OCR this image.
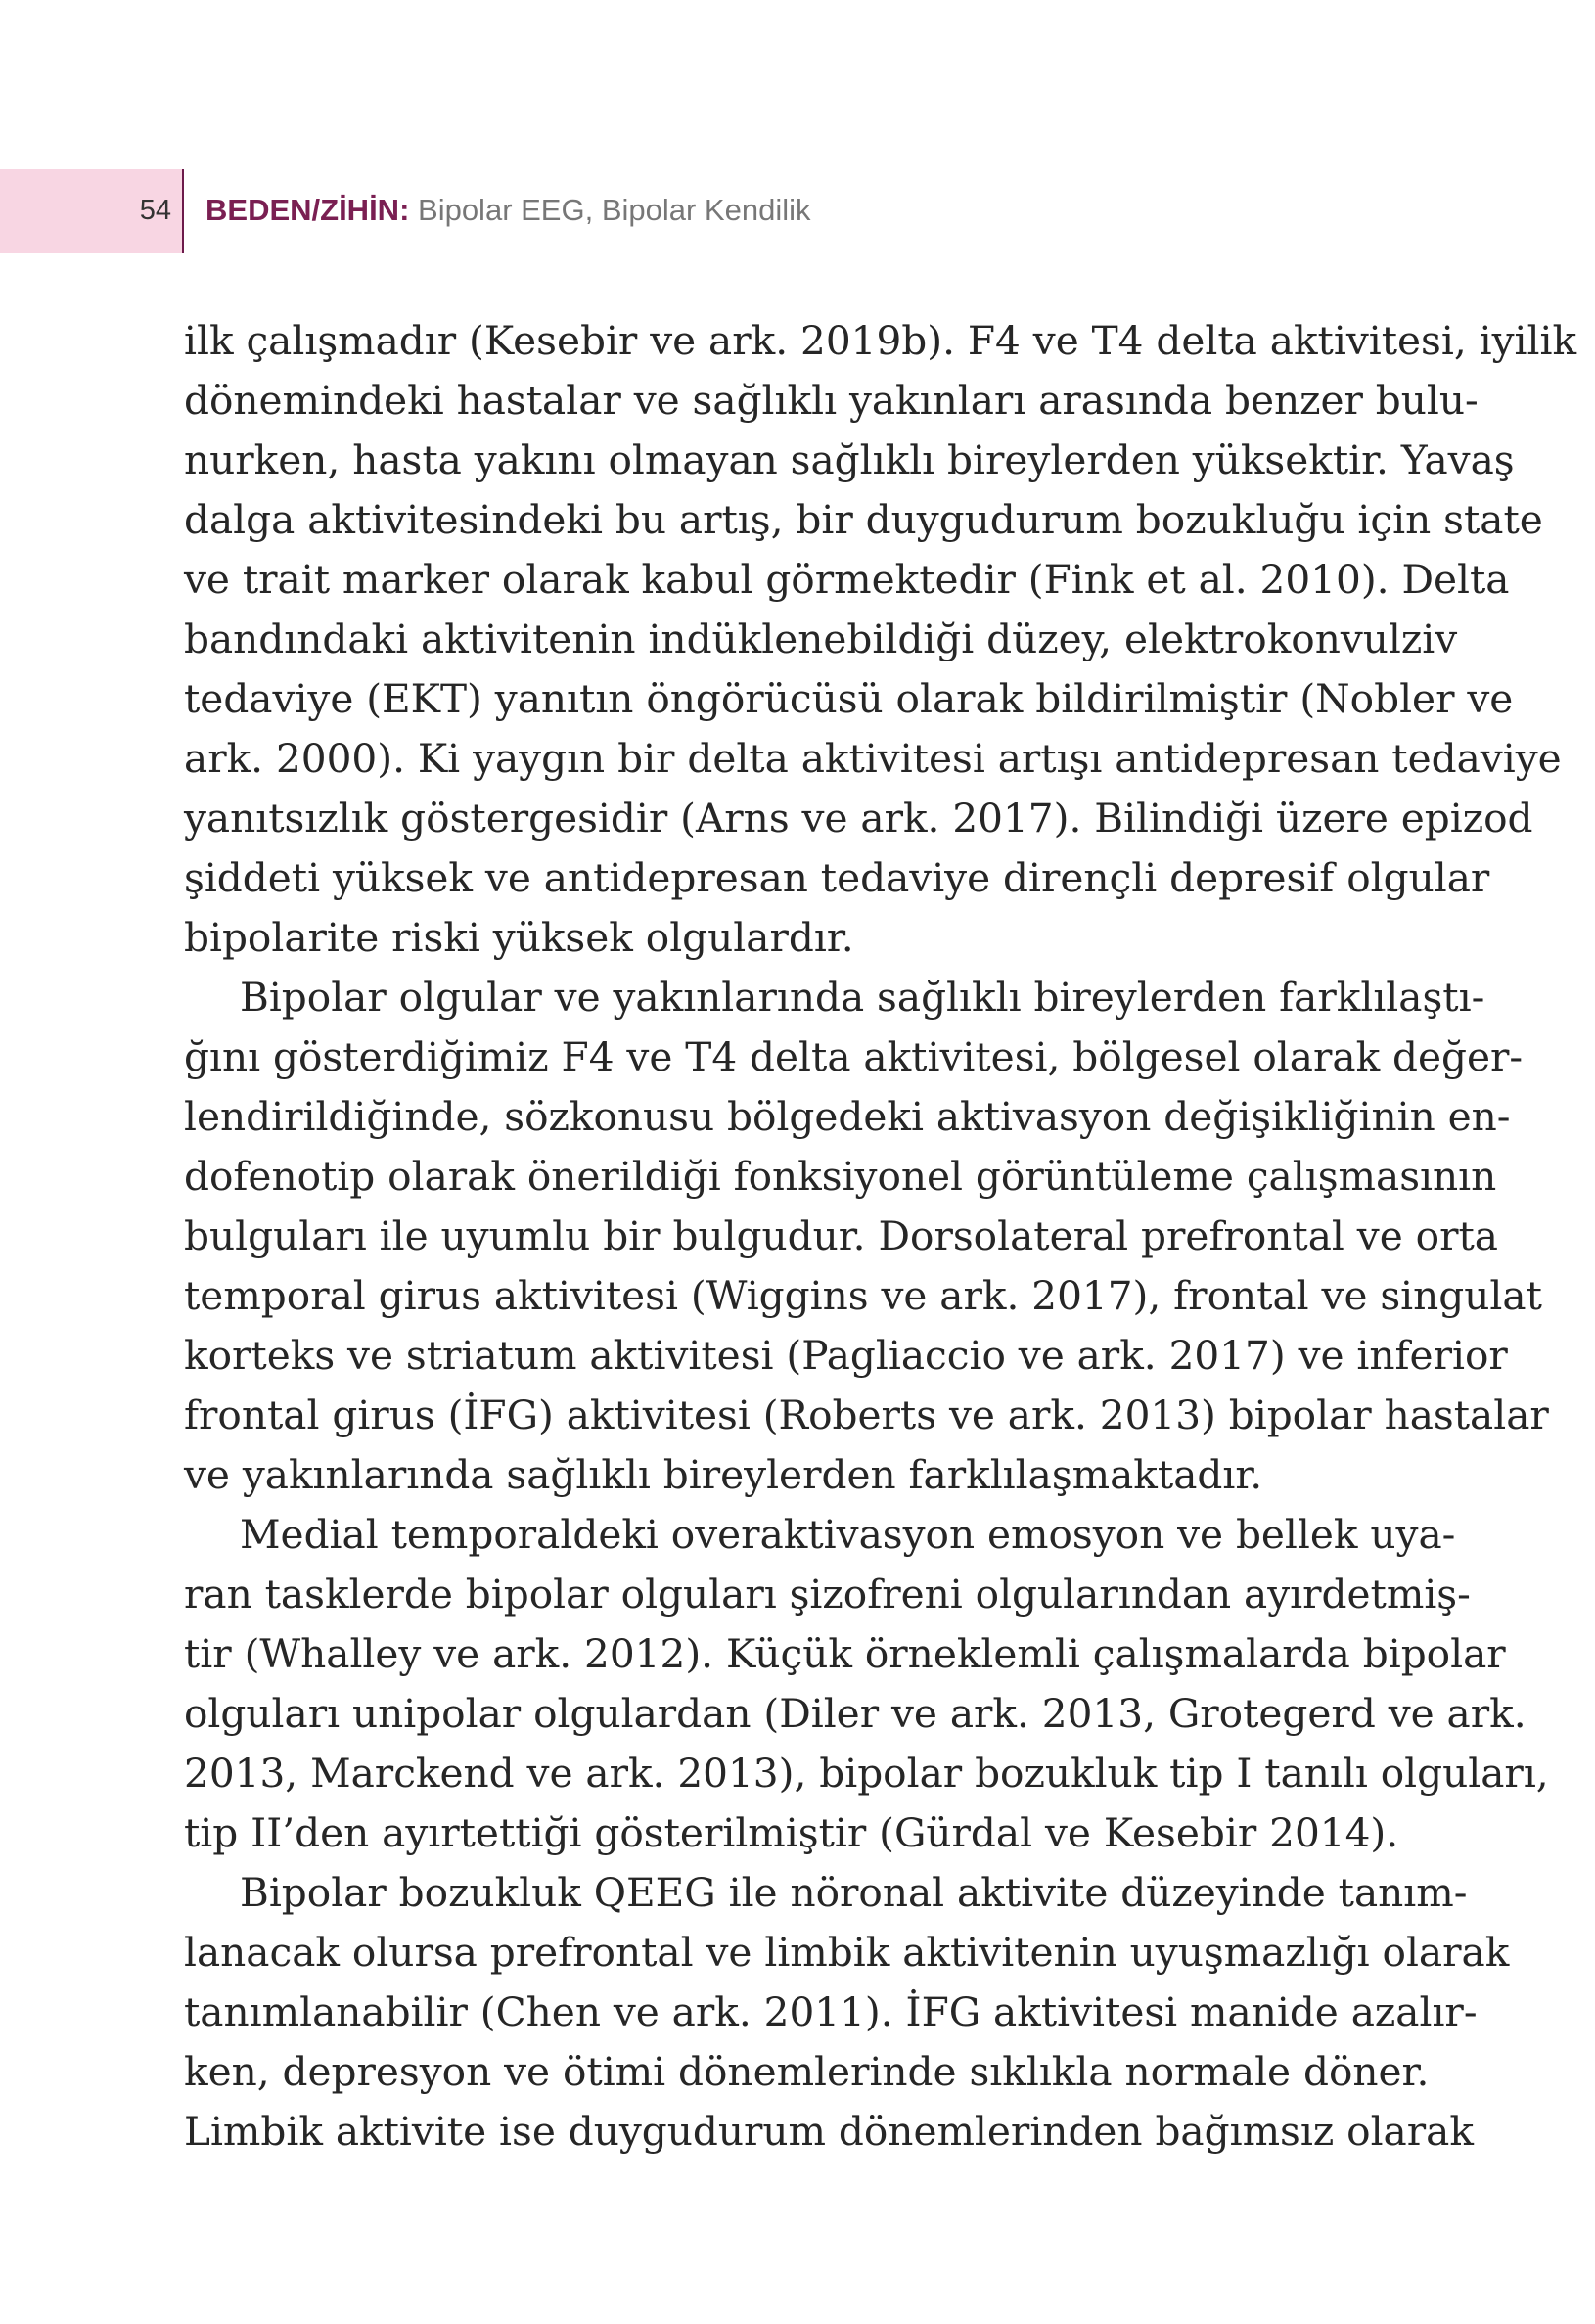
54 BEDEN/ZİHİN: Bipolar EEG, Bipolar Kendilik
ilk çalışmadır (Kesebir ve ark. 2019b). F4 ve T4 delta aktivitesi, iyilik
dönemindeki hastalar ve sağlıklı yakınları arasında benzer bulu-
nurken, hasta yakını olmayan sağlıklı bireylerden yüksektir. Yavaş
dalga aktivitesindeki bu artış, bir duygudurum bozukluğu için state
ve trait marker olarak kabul görmektedir (Fink et al. 2010). Delta
bandındaki aktivitenin indüklenebildiği düzey, elektrokonvulziv
tedaviye (EKT) yanıtın öngörücüsü olarak bildirilmiştir (Nobler ve
ark. 2000). Ki yaygın bir delta aktivitesi artışı antidepresan tedaviye
yanıtsızlık göstergesidir (Arns ve ark. 2017). Bilindiği üzere epizod
şiddeti yüksek ve antidepresan tedaviye dirençli depresif olgular
bipolarite riski yüksek olgulardır.
Bipolar olgular ve yakınlarında sağlıklı bireylerden farklılaştı-
ğını gösterdiğimiz F4 ve T4 delta aktivitesi, bölgesel olarak değer-
lendirildiğinde, sözkonusu bölgedeki aktivasyon değişikliğinin en-
dofenotip olarak önerildiği fonksiyonel görüntüleme çalışmasının
bulguları ile uyumlu bir bulgudur. Dorsolateral prefrontal ve orta
temporal girus aktivitesi (Wiggins ve ark. 2017), frontal ve singulat
korteks ve striatum aktivitesi (Pagliaccio ve ark. 2017) ve inferior
frontal girus (İFG) aktivitesi (Roberts ve ark. 2013) bipolar hastalar
ve yakınlarında sağlıklı bireylerden farklılaşmaktadır.
Medial temporaldeki overaktivasyon emosyon ve bellek uya-
ran tasklerde bipolar olguları şizofreni olgularından ayırdetmiş-
tir (Whalley ve ark. 2012). Küçük örneklemli çalışmalarda bipolar
olguları unipolar olgulardan (Diler ve ark. 2013, Grotegerd ve ark.
2013, Marckend ve ark. 2013), bipolar bozukluk tip I tanılı olguları,
tip II’den ayırtettiği gösterilmiştir (Gürdal ve Kesebir 2014).
Bipolar bozukluk QEEG ile nöronal aktivite düzeyinde tanım-
lanacak olursa prefrontal ve limbik aktivitenin uyuşmazlığı olarak
tanımlanabilir (Chen ve ark. 2011). İFG aktivitesi manide azalır-
ken, depresyon ve ötimi dönemlerinde sıklıkla normale döner.
Limbik aktivite ise duygudurum dönemlerinden bağımsız olarak
